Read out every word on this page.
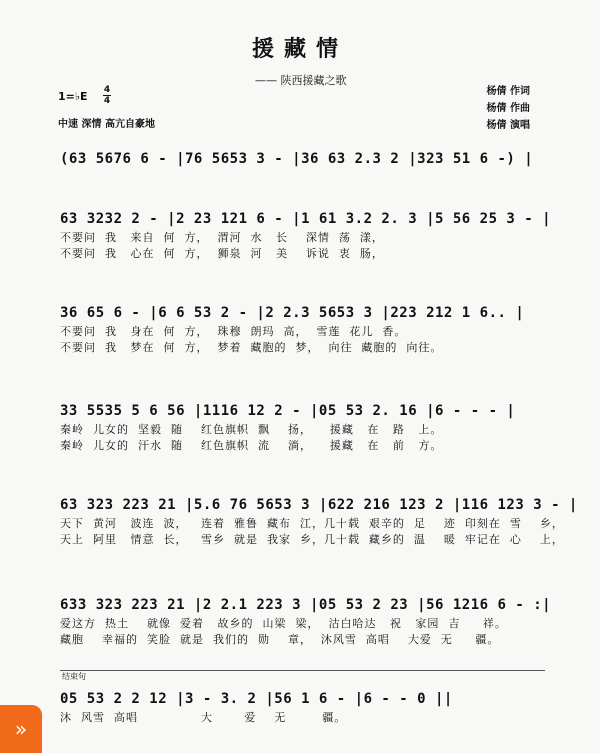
援藏情
—— 陕西援藏之歌
1=♭E 4
4
中速 深情 高亢自豪地
杨倩 作词
杨倩 作曲
杨倩 演唱
(63 5676 6 - |76 5653 3 - |36 63 2.3 2 |323 51 6 -) |
63 3232 2 - |2 23 121 6 - |1 61 3.2 2. 3 |5 56 25 3 - |
不要问  我   来自  何  方，  渭河  水   长    深情  荡  漾，
不要问  我   心在  何  方，  狮泉  河   美    诉说  衷  肠，
36 65 6 - |6 6 53 2 - |2 2.3 5653 3 |223 212 1 6.. |
不要问  我   身在  何  方，  珠穆  朗玛  高，  雪莲  花儿  香。
不要问  我   梦在  何  方，  梦着  藏胞的  梦，  向往  藏胞的  向往。
33 5535 5 6 56 |1116 12 2 - |05 53 2. 16 |6 - - - |
秦岭  儿女的  坚毅  随    红色旗帜  飘    扬，    援藏   在   路   上。
秦岭  儿女的  汗水  随    红色旗帜  流    淌，    援藏   在   前   方。
63 323 223 21 |5.6 76 5653 3 |622 216 123 2 |116 123 3 - |
天下  黄河   波连  波，   连着  雅鲁  藏布  江，几十载  艰辛的  足    迹  印刻在  雪    乡，
天上  阿里   情意  长，   雪乡  就是  我家  乡，几十载  藏乡的  温    暖  牢记在  心    上，
633 323 223 21 |2 2.1 223 3 |05 53 2 23 |56 1216 6 - :|
爱这方  热土    就像  爱着   故乡的  山梁  梁，  沽白哈达   祝   家园  吉     祥。
藏胞    幸福的  笑脸  就是  我们的  勋    章，  沐风雪  高唱    大爱  无     疆。
结束句
05 53 2 2 12 |3 - 3. 2 |56 1 6 - |6 - - 0 ||
沐  风雪  高唱              大       爱    无        疆。
»
